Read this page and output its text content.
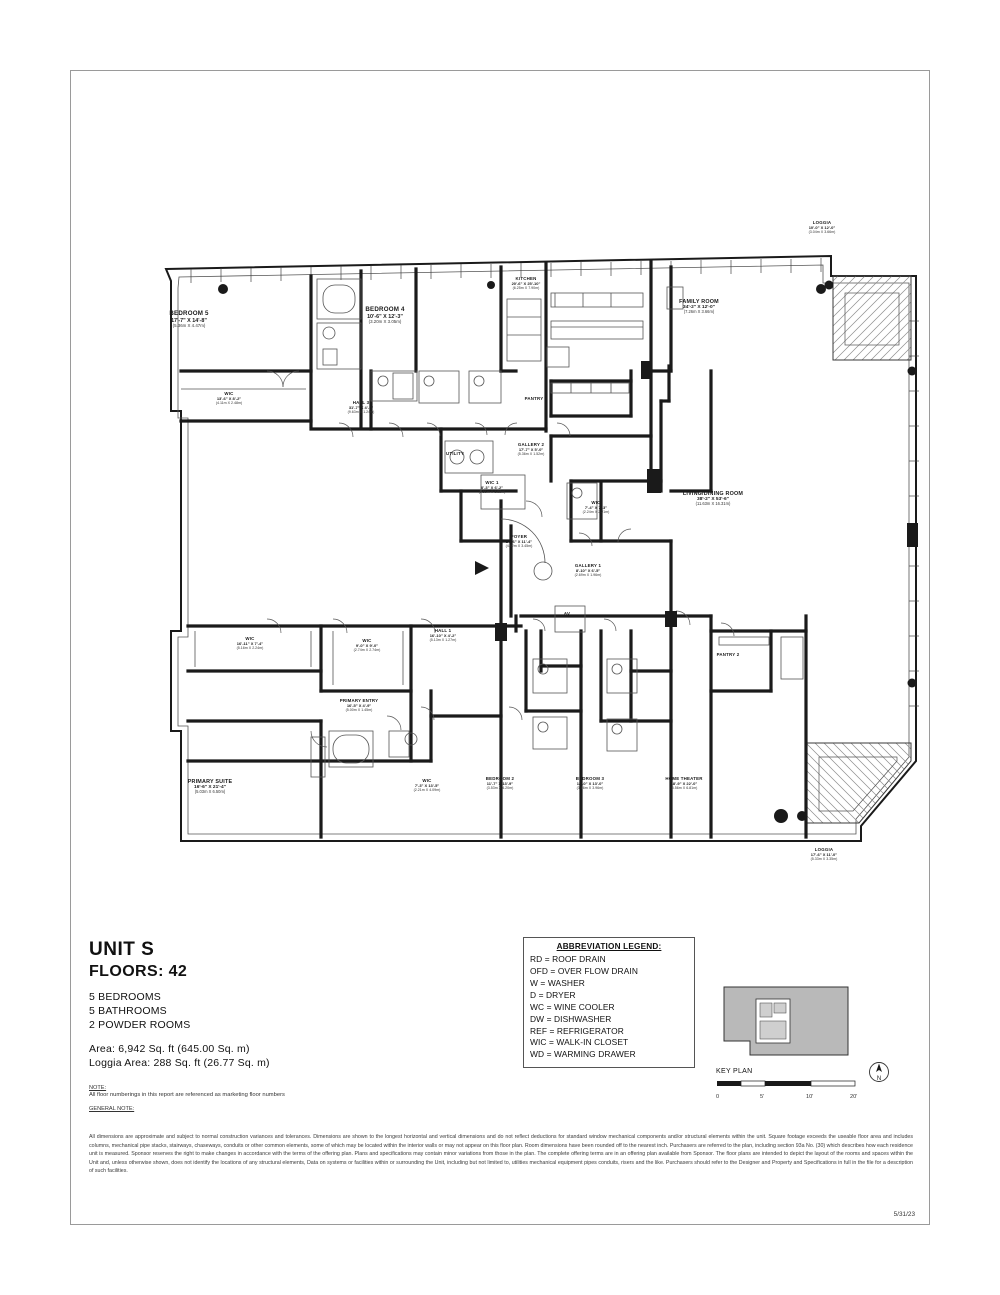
BEDROOM 5
17'-7" X 14'-8"
(5.36m X 4.47m)
WIC
13'-6" X 8'-2"
(4.11m X 2.48m)
BEDROOM 4
10'-6" X 12'-3"
(3.20m X 3.05m)
HALL 3
31'-7" X 4'-1"
(9.63m X 1.24m)
KITCHEN
20'-6" X 25'-10"
(6.25m X 7.90m)
PANTRY 1
GALLERY 2
17'-7" X 5'-0"
(5.36m X 1.52m)
FAMILY ROOM
34'-2" X 12'-0"
(7.26m X 3.66m)
LOGGIA
10'-0" X 12'-0"
(3.04m X 3.66m)
LIVING/DINING ROOM
38'-2" X 53'-6"
(11.63m X 16.31m)
UTILITY
WIC 1
8'-3" X 6'-2"
(2.51m X 1.88m)
WIC
7'-4" X 7'-3"
(2.24m X 2.21m)
FOYER
14'-6" X 11'-4"
(4.42m X 3.45m)
GALLERY 1
8'-10" X 6'-5"
(2.69m X 1.96m)
WIC
16'-11" X 7'-4"
(5.16m X 2.24m)
WIC
9'-0" X 9'-0"
(2.74m X 2.74m)
PRIMARY ENTRY
16'-5" X 4'-9"
(5.00m X 1.45m)
HALL 1
16'-10" X 4'-2"
(5.13m X 1.27m)
AV
PANTRY 2
PRIMARY SUITE
16'-6" X 21'-4"
(5.03m X 6.50m)
WIC
7'-3" X 13'-5"
(2.21m X 4.09m)
BEDROOM 2
11'-7" X 13'-9"
(3.53m X 4.20m)
BEDROOM 3
12'-0" X 13'-0"
(3.66m X 3.96m)
HOME THEATER
18'-9" X 22'-0"
(5.56m X 6.81m)
LOGGIA
17'-6" X 11'-0"
(5.33m X 3.35m)
UNIT S
FLOORS: 42

5 BEDROOMS

5 BATHROOMS

2 POWDER ROOMS

Area: 6,942 Sq. ft (645.00 Sq. m)

Loggia Area: 288 Sq. ft (26.77 Sq. m)

NOTE:
All floor numberings in this report are referenced as marketing floor numbers
GENERAL NOTE:
All dimensions are approximate and subject to normal construction variances and tolerances. Dimensions are shown to the longest horizontal and vertical dimensions and do not reflect deductions for standard window mechanical components and/or structural elements within the unit. Square footage exceeds the useable floor area and includes columns, mechanical pipe stacks, stairways, chaseways, conduits or other common elements, some of which may be located within the interior walls or may not appear on this floor plan. Room dimensions have been rounded off to the nearest inch. Purchasers are referred to the plan, including section 93a No. (30) which describes how each residence unit is measured. Sponsor reserves the right to make changes in accordance with the terms of the offering plan. Plans and specifications may contain minor variations from those in the plan. The complete offering terms are in an offering plan available from Sponsor. The floor plans are intended to depict the layout of the rooms and spaces within the Unit and, unless otherwise shown, does not identify the locations of any structural elements, Data on systems or facilities within or surrounding the Unit, including but not limited to, utilities mechanical equipment pipes conduits, risers and the like. Purchasers should refer to the Designer and Property and Specifications in full in the file for a description of such facilities.
ABBREVIATION LEGEND:
RD = ROOF DRAIN
OFD = OVER FLOW DRAIN
W = WASHER
D = DRYER
WC = WINE COOLER
DW = DISHWASHER
REF = REFRIGERATOR
WIC = WALK-IN CLOSET
WD = WARMING DRAWER
KEY PLAN
0	5'	10'	20'
N
5/31/23
